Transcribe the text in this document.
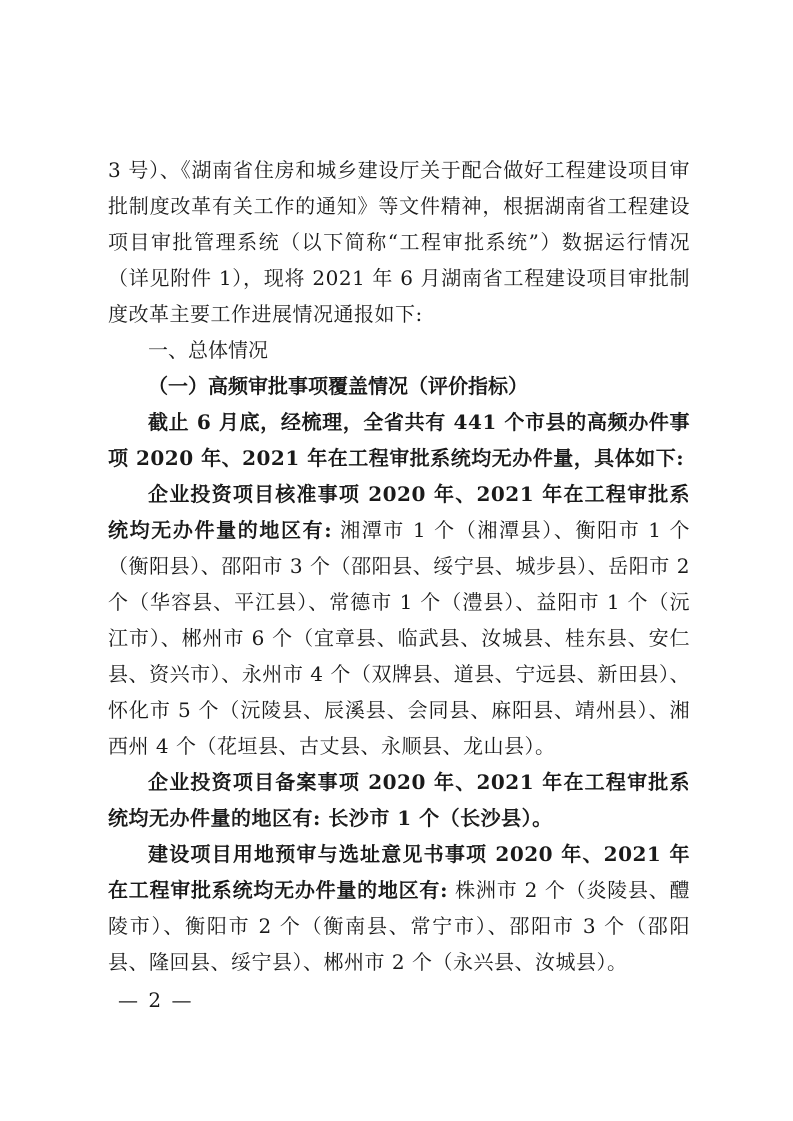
3 号）、《湖南省住房和城乡建设厅关于配合做好工程建设项目审批制度改革有关工作的通知》等文件精神，根据湖南省工程建设项目审批管理系统（以下简称“工程审批系统”）数据运行情况（详见附件 1），现将 2021 年 6 月湖南省工程建设项目审批制度改革主要工作进展情况通报如下:

一、总体情况

（一）高频审批事项覆盖情况（评价指标）

截止 6 月底，经梳理，全省共有 441 个市县的高频办件事项 2020 年、2021 年在工程审批系统均无办件量，具体如下:

企业投资项目核准事项 2020 年、2021 年在工程审批系统均无办件量的地区有: 湘潭市 1 个（湘潭县）、衡阳市 1 个（衡阳县）、邵阳市 3 个（邵阳县、绥宁县、城步县）、岳阳市 2 个（华容县、平江县）、常德市 1 个（澧县）、益阳市 1 个（沅江市）、郴州市 6 个（宜章县、临武县、汝城县、桂东县、安仁县、资兴市）、永州市 4 个（双牌县、道县、宁远县、新田县）、怀化市 5 个（沅陵县、辰溪县、会同县、麻阳县、靖州县）、湘西州 4 个（花垣县、古丈县、永顺县、龙山县）。

企业投资项目备案事项 2020 年、2021 年在工程审批系统均无办件量的地区有: 长沙市 1 个（长沙县）。

建设项目用地预审与选址意见书事项 2020 年、2021 年在工程审批系统均无办件量的地区有: 株洲市 2 个（炎陵县、醴陵市）、衡阳市 2 个（衡南县、常宁市）、邵阳市 3 个（邵阳县、隆回县、绥宁县）、郴州市 2 个（永兴县、汝城县）。

— 2 —
